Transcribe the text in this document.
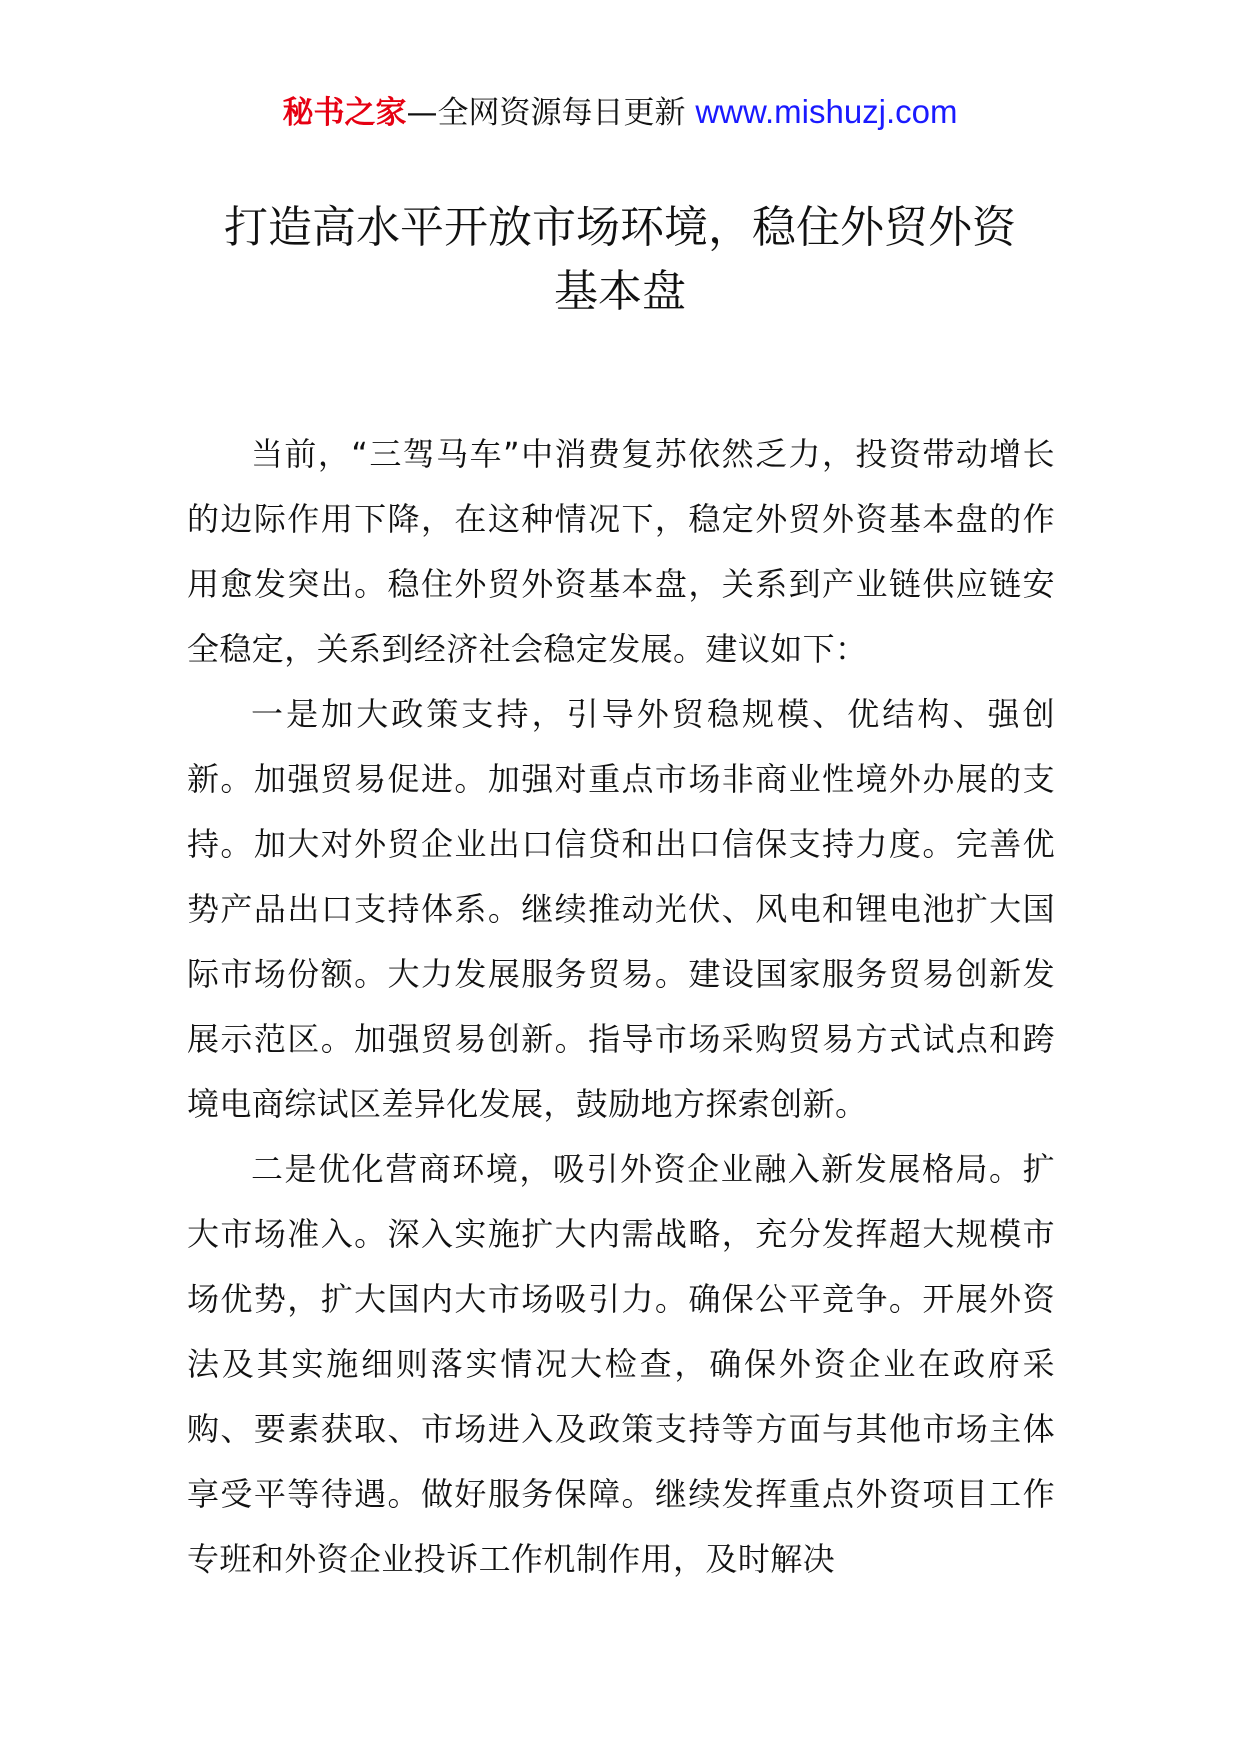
秘书之家—全网资源每日更新 www.mishuzj.com
打造高水平开放市场环境，稳住外贸外资
基本盘

当前，“三驾马车”中消费复苏依然乏力，投资带动增长的边际作用下降，在这种情况下，稳定外贸外资基本盘的作用愈发突出。稳住外贸外资基本盘，关系到产业链供应链安全稳定，关系到经济社会稳定发展。建议如下：

一是加大政策支持，引导外贸稳规模、优结构、强创新。加强贸易促进。加强对重点市场非商业性境外办展的支持。加大对外贸企业出口信贷和出口信保支持力度。完善优势产品出口支持体系。继续推动光伏、风电和锂电池扩大国际市场份额。大力发展服务贸易。建设国家服务贸易创新发展示范区。加强贸易创新。指导市场采购贸易方式试点和跨境电商综试区差异化发展，鼓励地方探索创新。

二是优化营商环境，吸引外资企业融入新发展格局。扩大市场准入。深入实施扩大内需战略，充分发挥超大规模市场优势，扩大国内大市场吸引力。确保公平竞争。开展外资法及其实施细则落实情况大检查，确保外资企业在政府采购、要素获取、市场进入及政策支持等方面与其他市场主体享受平等待遇。做好服务保障。继续发挥重点外资项目工作专班和外资企业投诉工作机制作用，及时解决
